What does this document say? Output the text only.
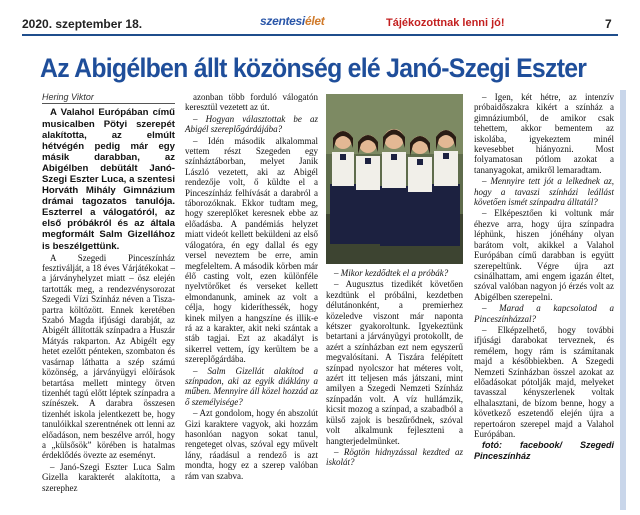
2020. szeptember 18.	szentesiélet	Tájékozottnak lenni jó!	7
Az Abigélben állt közönség elé Janó-Szegi Eszter
Hering Viktor

A Valahol Európában című musicalben Pötyi szerepét alakította, az elmúlt hétvégén pedig már egy másik darabban, az Abigélben debütált Janó-Szegi Eszter Luca, a szentesi Horváth Mihály Gimnázium drámai tagozatos tanulója. Eszterrel a válogatóról, az első próbákról és az általa megformált Salm Gizellához is beszélgettünk.

A Szegedi Pinceszínház fesztiválját, a 18 éves Várjátékokat – a járványhelyzet miatt – ösz elején tartották meg, a rendezvénysorozat Szegedi Vízi Színház néven a Tisza-partra költözött. Ennek keretében Szabó Magda ifjúsági darabját, az Abigélt állították színpadra a Huszár Mátyás rakparton. Az Abigélt egy hetet ezelőtt pénteken, szombaton és vasárnap láthatta a szép számú közönség, a járványügyi előírások betartása mellett mintegy ötven tizenhét tagú előtt léptek színpadra a színészek. A darabra összesen tizenhét iskola jelentkezett be, hogy tanulóikkal szerentnének ott lenni az előadáson, nem beszélve arról, hogy a „külsősök” körében is hatalmas érdeklődés övezte az eseményt.

– Janó-Szegi Eszter Luca Salm Gizella karakterét alakította, a szerephez

azonban több forduló válogatón keresztül vezetett az út.

– Hogyan választottak be az Abigél szereplőgárdájába?

– Idén második alkalommal vettem részt Szegeden egy színháztáborban, melyet Janik László vezetett, aki az Abigél rendezője volt, ő küldte el a Pinceszínház felhívását a darabról a táborozóknak. Ekkor tudtam meg, hogy szereplőket keresnek ebbe az előadásba. A pandémiás helyzet miatt videót kellett beküldeni az első válogatóra, én egy dallal és egy versel neveztem be erre, amin megfeleltem. A második körben már élő casting volt, ezen különféle nyelvtörőket és verseket kellett elmondanunk, aminek az volt a célja, hogy kideríthessék, hogy kinek milyen a hangszíne és illik-e rá az a karakter, akit neki szántak a stáb tagjai. Ezt az akadályt is sikerrel vettem, így kerültem be a szereplőgárdába.

– Salm Gizellát alakítod a színpadon, aki az egyik diáklány a műben. Mennyire áll közel hozzád az ő személyisége?

– Azt gondolom, hogy én abszolút Gizi karaktere vagyok, aki hozzám hasonlóan nagyon sokat tanul, rengeteget olvas, szóval egy művelt lány, ráadásul a rendező is azt mondta, hogy ez a szerep valóban rám van szabva.

– Mikor kezdődtek el a próbák?

– Augusztus tizedikét követően kezdtünk el próbálni, kezdetben délutánonként, a premierhez közeledve viszont már naponta kétszer gyakoroltunk. Igyekeztünk betartani a járványügyi protokollt, de azért a színházban ezt nem egyszerű megvalósítani. A Tiszára felépített színpad nyolcszor hat méteres volt, azért itt teljesen más játszani, mint amilyen a Szegedi Nemzeti Színház színpadán volt. A víz hullámzik, kicsit mozog a színpad, a szabadból a külső zajok is beszűrődnek, szóval volt alkalmunk fejleszteni a hangterjedelmünket.

– Rögtön hidnyzással kezdted az iskolát?

– Igen, két hétre, az intenzív próbaidőszakra kikért a színház a gimnáziumból, de amikor csak tehettem, akkor bementem az iskolába, igyekeztem minél kevesebbet hiányozni. Most folyamatosan pótlom azokat a tananyagokat, amikről lemaradtam.

– Mennyire tett jót a lelkednek az, hogy a tavaszi színházi leállást követően ismét színpadra álltatál?

– Elképesztően ki voltunk már éhezve arra, hogy újra színpadra léphünk, hiszen jónéhány olyan barátom volt, akikkel a Valahol Európában című darabban is együtt szerepeltünk. Végre újra azt csinálhattam, ami engem igazán éltet, szóval valóban nagyon jó érzés volt az Abigélben szerepelni.

– Marad a kapcsolatod a Pinceszínházzal?

– Elképzelhető, hogy további ifjúsági darabokat terveznek, és remélem, hogy rám is számítanak majd a későbbiekben. A Szegedi Nemzeti Színházban összel azokat az előadásokat pótolják majd, melyeket tavasszal kényszerlenek voltak elhalasztani, de bízom benne, hogy a következő eszetendő elején újra a repertoáron szerepel majd a Valahol Európában.

fotó: facebook/ Szegedi Pinceszínház
